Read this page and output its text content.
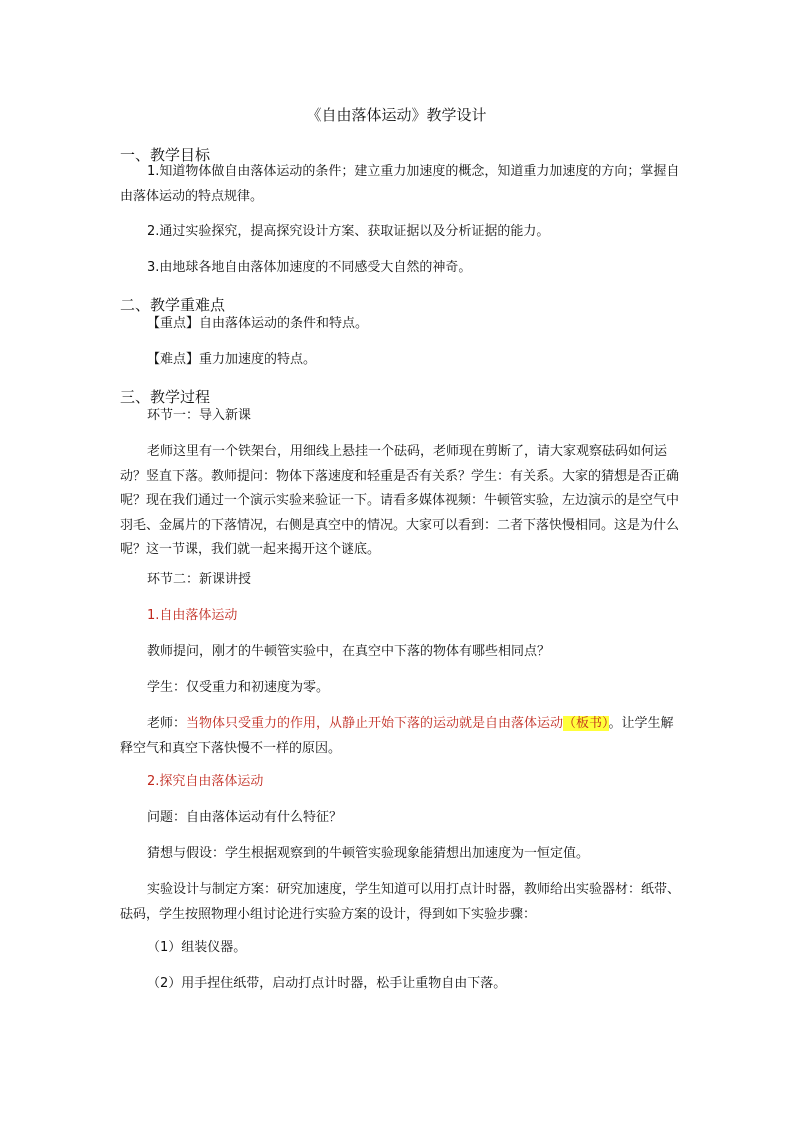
《自由落体运动》教学设计
一、教学目标
1.知道物体做自由落体运动的条件；建立重力加速度的概念，知道重力加速度的方向；掌握自由落体运动的特点规律。
2.通过实验探究，提高探究设计方案、获取证据以及分析证据的能力。
3.由地球各地自由落体加速度的不同感受大自然的神奇。
二、教学重难点
【重点】自由落体运动的条件和特点。
【难点】重力加速度的特点。
三、教学过程
环节一：导入新课
老师这里有一个铁架台，用细线上悬挂一个砝码，老师现在剪断了，请大家观察砝码如何运动？竖直下落。教师提问：物体下落速度和轻重是否有关系？学生：有关系。大家的猜想是否正确呢？现在我们通过一个演示实验来验证一下。请看多媒体视频：牛顿管实验，左边演示的是空气中羽毛、金属片的下落情况，右侧是真空中的情况。大家可以看到：二者下落快慢相同。这是为什么呢？这一节课，我们就一起来揭开这个谜底。
环节二：新课讲授
1.自由落体运动
教师提问，刚才的牛顿管实验中，在真空中下落的物体有哪些相同点？
学生：仅受重力和初速度为零。
老师：当物体只受重力的作用，从静止开始下落的运动就是自由落体运动（板书）。让学生解释空气和真空下落快慢不一样的原因。
2.探究自由落体运动
问题：自由落体运动有什么特征？
猜想与假设：学生根据观察到的牛顿管实验现象能猜想出加速度为一恒定值。
实验设计与制定方案：研究加速度，学生知道可以用打点计时器，教师给出实验器材：纸带、砝码，学生按照物理小组讨论进行实验方案的设计，得到如下实验步骤：
（1）组装仪器。
（2）用手捏住纸带，启动打点计时器，松手让重物自由下落。
